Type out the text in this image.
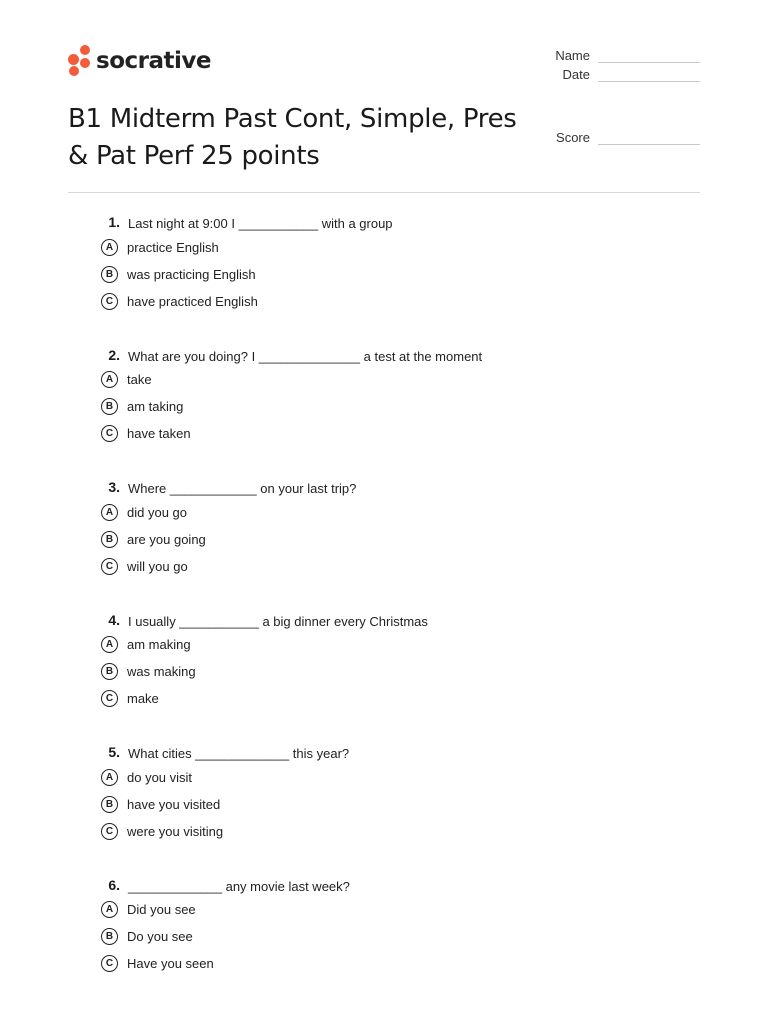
socrative	Name
Date
Score
B1 Midterm Past Cont, Simple, Pres & Pat Perf 25 points
1. Last night at 9:00 I ___________ with a group
A	practice English
B	was practicing English
C	have practiced English
2. What are you doing? I ______________ a test at the moment
A	take
B	am taking
C	have taken
3. Where ____________ on your last trip?
A	did you go
B	are you going
C	will you go
4. I usually ___________ a big dinner every Christmas
A	am making
B	was making
C	make
5. What cities _____________ this year?
A	do you visit
B	have you visited
C	were you visiting
6. _____________ any movie last week?
A	Did you see
B	Do you see
C	Have you seen
